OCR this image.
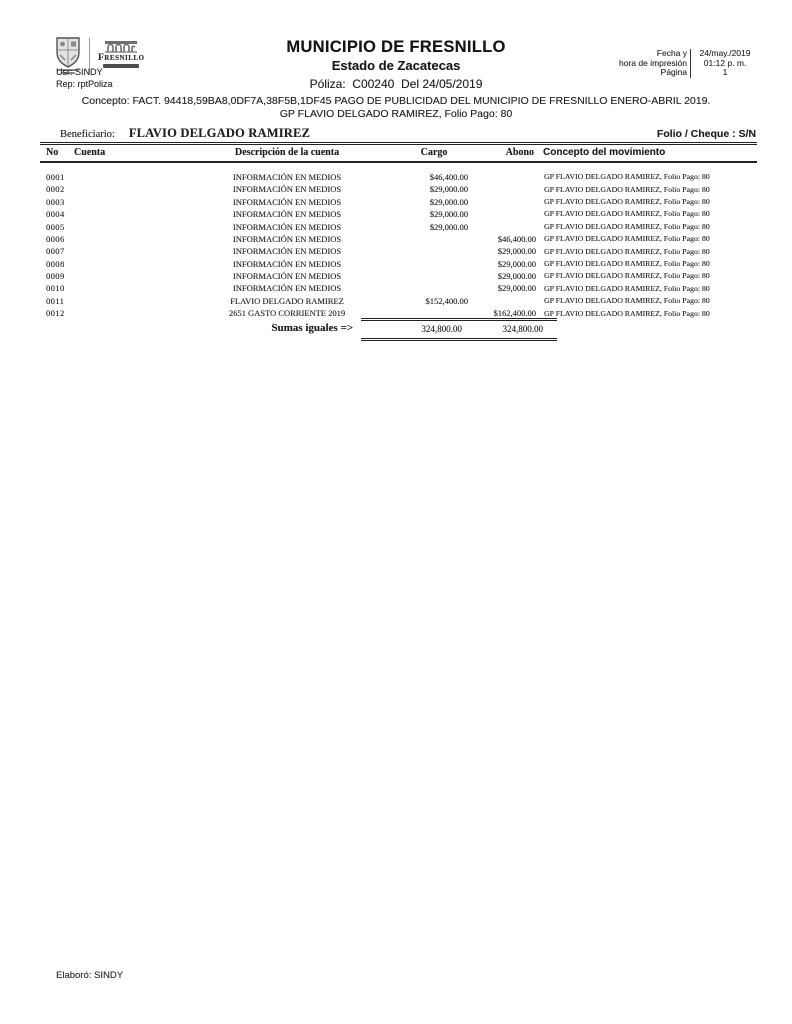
Fresnillo
Usr: SINDY
Rep: rptPoliza
MUNICIPIO DE FRESNILLO
Estado de Zacatecas
Póliza:  C00240  Del 24/05/2019
Fecha y
hora de impresión
Página
24/may./2019
01:12 p. m.
1
Concepto: FACT. 94418,59BA8,0DF7A,38F5B,1DF45 PAGO DE PUBLICIDAD DEL MUNICIPIO DE FRESNILLO ENERO-ABRIL 2019.
GP FLAVIO DELGADO RAMIREZ, Folio Pago: 80
Beneficiario: FLAVIO DELGADO RAMIREZ	Folio / Cheque : S/N
No	Cuenta	Descripción de la cuenta	Cargo	Abono	Concepto del movimiento

0001		INFORMACIÓN EN MEDIOS	$46,400.00		GP FLAVIO DELGADO RAMIREZ, Folio Pago: 80
0002		INFORMACIÓN EN MEDIOS	$29,000.00		GP FLAVIO DELGADO RAMIREZ, Folio Pago: 80
0003		INFORMACIÓN EN MEDIOS	$29,000.00		GP FLAVIO DELGADO RAMIREZ, Folio Pago: 80
0004		INFORMACIÓN EN MEDIOS	$29,000.00		GP FLAVIO DELGADO RAMIREZ, Folio Pago: 80
0005		INFORMACIÓN EN MEDIOS	$29,000.00		GP FLAVIO DELGADO RAMIREZ, Folio Pago: 80
0006		INFORMACIÓN EN MEDIOS		$46,400.00	GP FLAVIO DELGADO RAMIREZ, Folio Pago: 80
0007		INFORMACIÓN EN MEDIOS		$29,000.00	GP FLAVIO DELGADO RAMIREZ, Folio Pago: 80
0008		INFORMACIÓN EN MEDIOS		$29,000.00	GP FLAVIO DELGADO RAMIREZ, Folio Pago: 80
0009		INFORMACIÓN EN MEDIOS		$29,000.00	GP FLAVIO DELGADO RAMIREZ, Folio Pago: 80
0010		INFORMACIÓN EN MEDIOS		$29,000.00	GP FLAVIO DELGADO RAMIREZ, Folio Pago: 80
0011		FLAVIO DELGADO RAMIREZ	$152,400.00		GP FLAVIO DELGADO RAMIREZ, Folio Pago: 80
0012		2651 GASTO CORRIENTE 2019		$162,400.00	GP FLAVIO DELGADO RAMIREZ, Folio Pago: 80
Sumas iguales =>	324,800.00	324,800.00
Elaboró: SINDY
